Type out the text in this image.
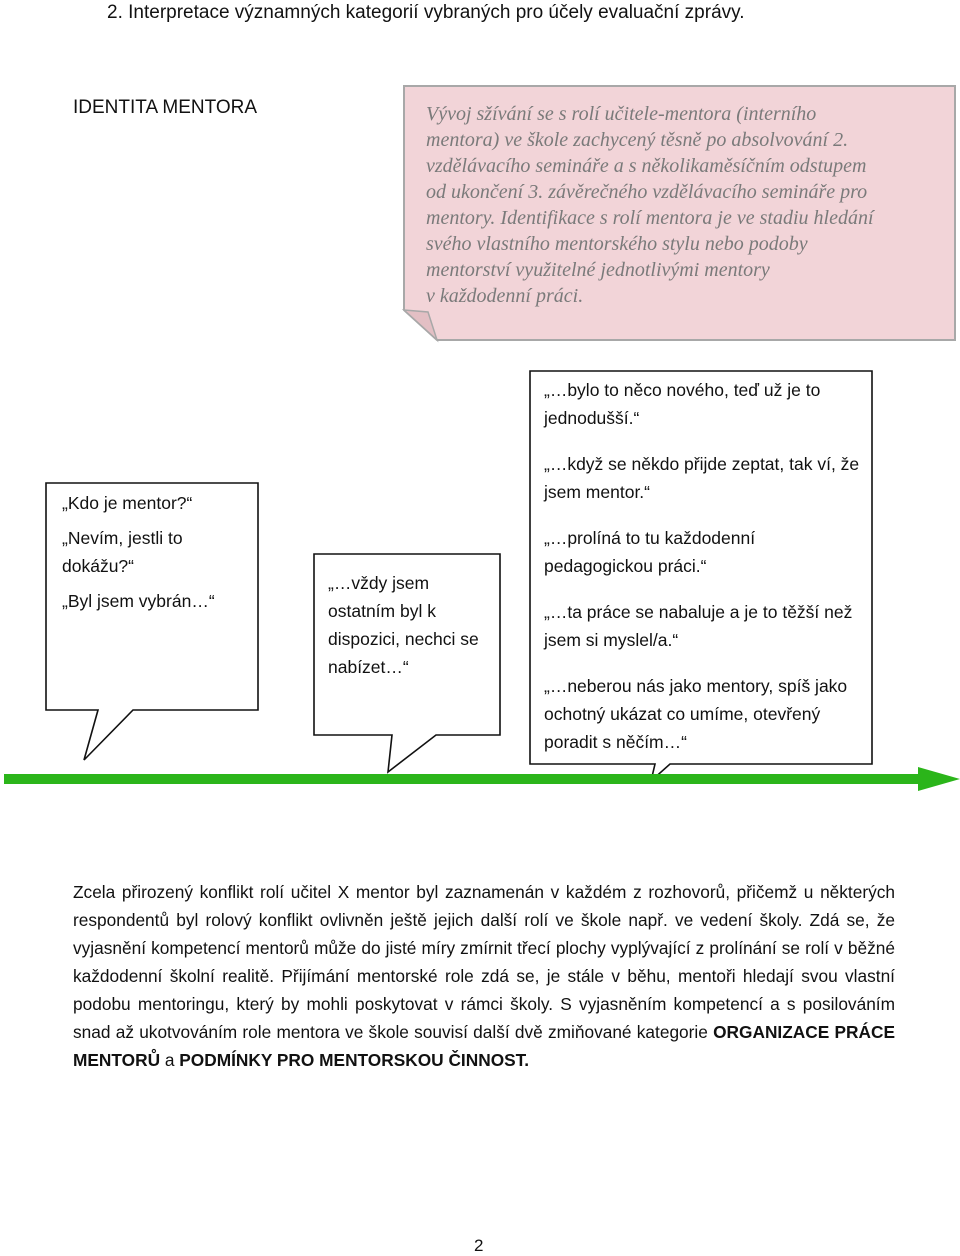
2. Interpretace významných kategorií vybraných pro účely evaluační zprávy.
IDENTITA MENTORA	Vývoj sžívání se s rolí učitele-mentora (interního
mentora) ve škole zachycený těsně po absolvování 2.
vzdělávacího semináře a s několikaměsíčním odstupem
od ukončení 3. závěrečného vzdělávacího semináře pro
mentory. Identifikace s rolí mentora je ve stadiu hledání
svého vlastního mentorského stylu nebo podoby
mentorství využitelné jednotlivými mentory
v každodenní práci.

„Kdo je mentor?“

„Nevím, jestli to dokážu?“

„Byl jsem vybrán…“

„…vždy jsem ostatním byl k dispozici, nechci se nabízet…“

„…bylo to něco nového, teď už je to jednodušší.“

„…když se někdo přijde zeptat, tak ví, že jsem mentor.“

„…prolíná to tu každodenní pedagogickou práci.“

„…ta práce se nabaluje a je to těžší než jsem si myslel/a.“

„…neberou nás jako mentory, spíš jako ochotný ukázat co umíme, otevřený poradit s něčím…“

Zcela přirozený konflikt rolí učitel X mentor byl zaznamenán v každém z rozhovorů, přičemž u některých respondentů byl rolový konflikt ovlivněn ještě jejich další rolí ve škole např. ve vedení školy. Zdá se, že vyjasnění kompetencí mentorů může do jisté míry zmírnit třecí plochy vyplývající z prolínání se rolí v běžné každodenní školní realitě. Přijímání mentorské role zdá se, je stále v běhu, mentoři hledají svou vlastní podobu mentoringu, který by mohli poskytovat v rámci školy. S vyjasněním kompetencí a s posilováním snad až ukotvováním role mentora ve škole souvisí další dvě zmiňované kategorie ORGANIZACE PRÁCE MENTORŮ a PODMÍNKY PRO MENTORSKOU ČINNOST.
2
